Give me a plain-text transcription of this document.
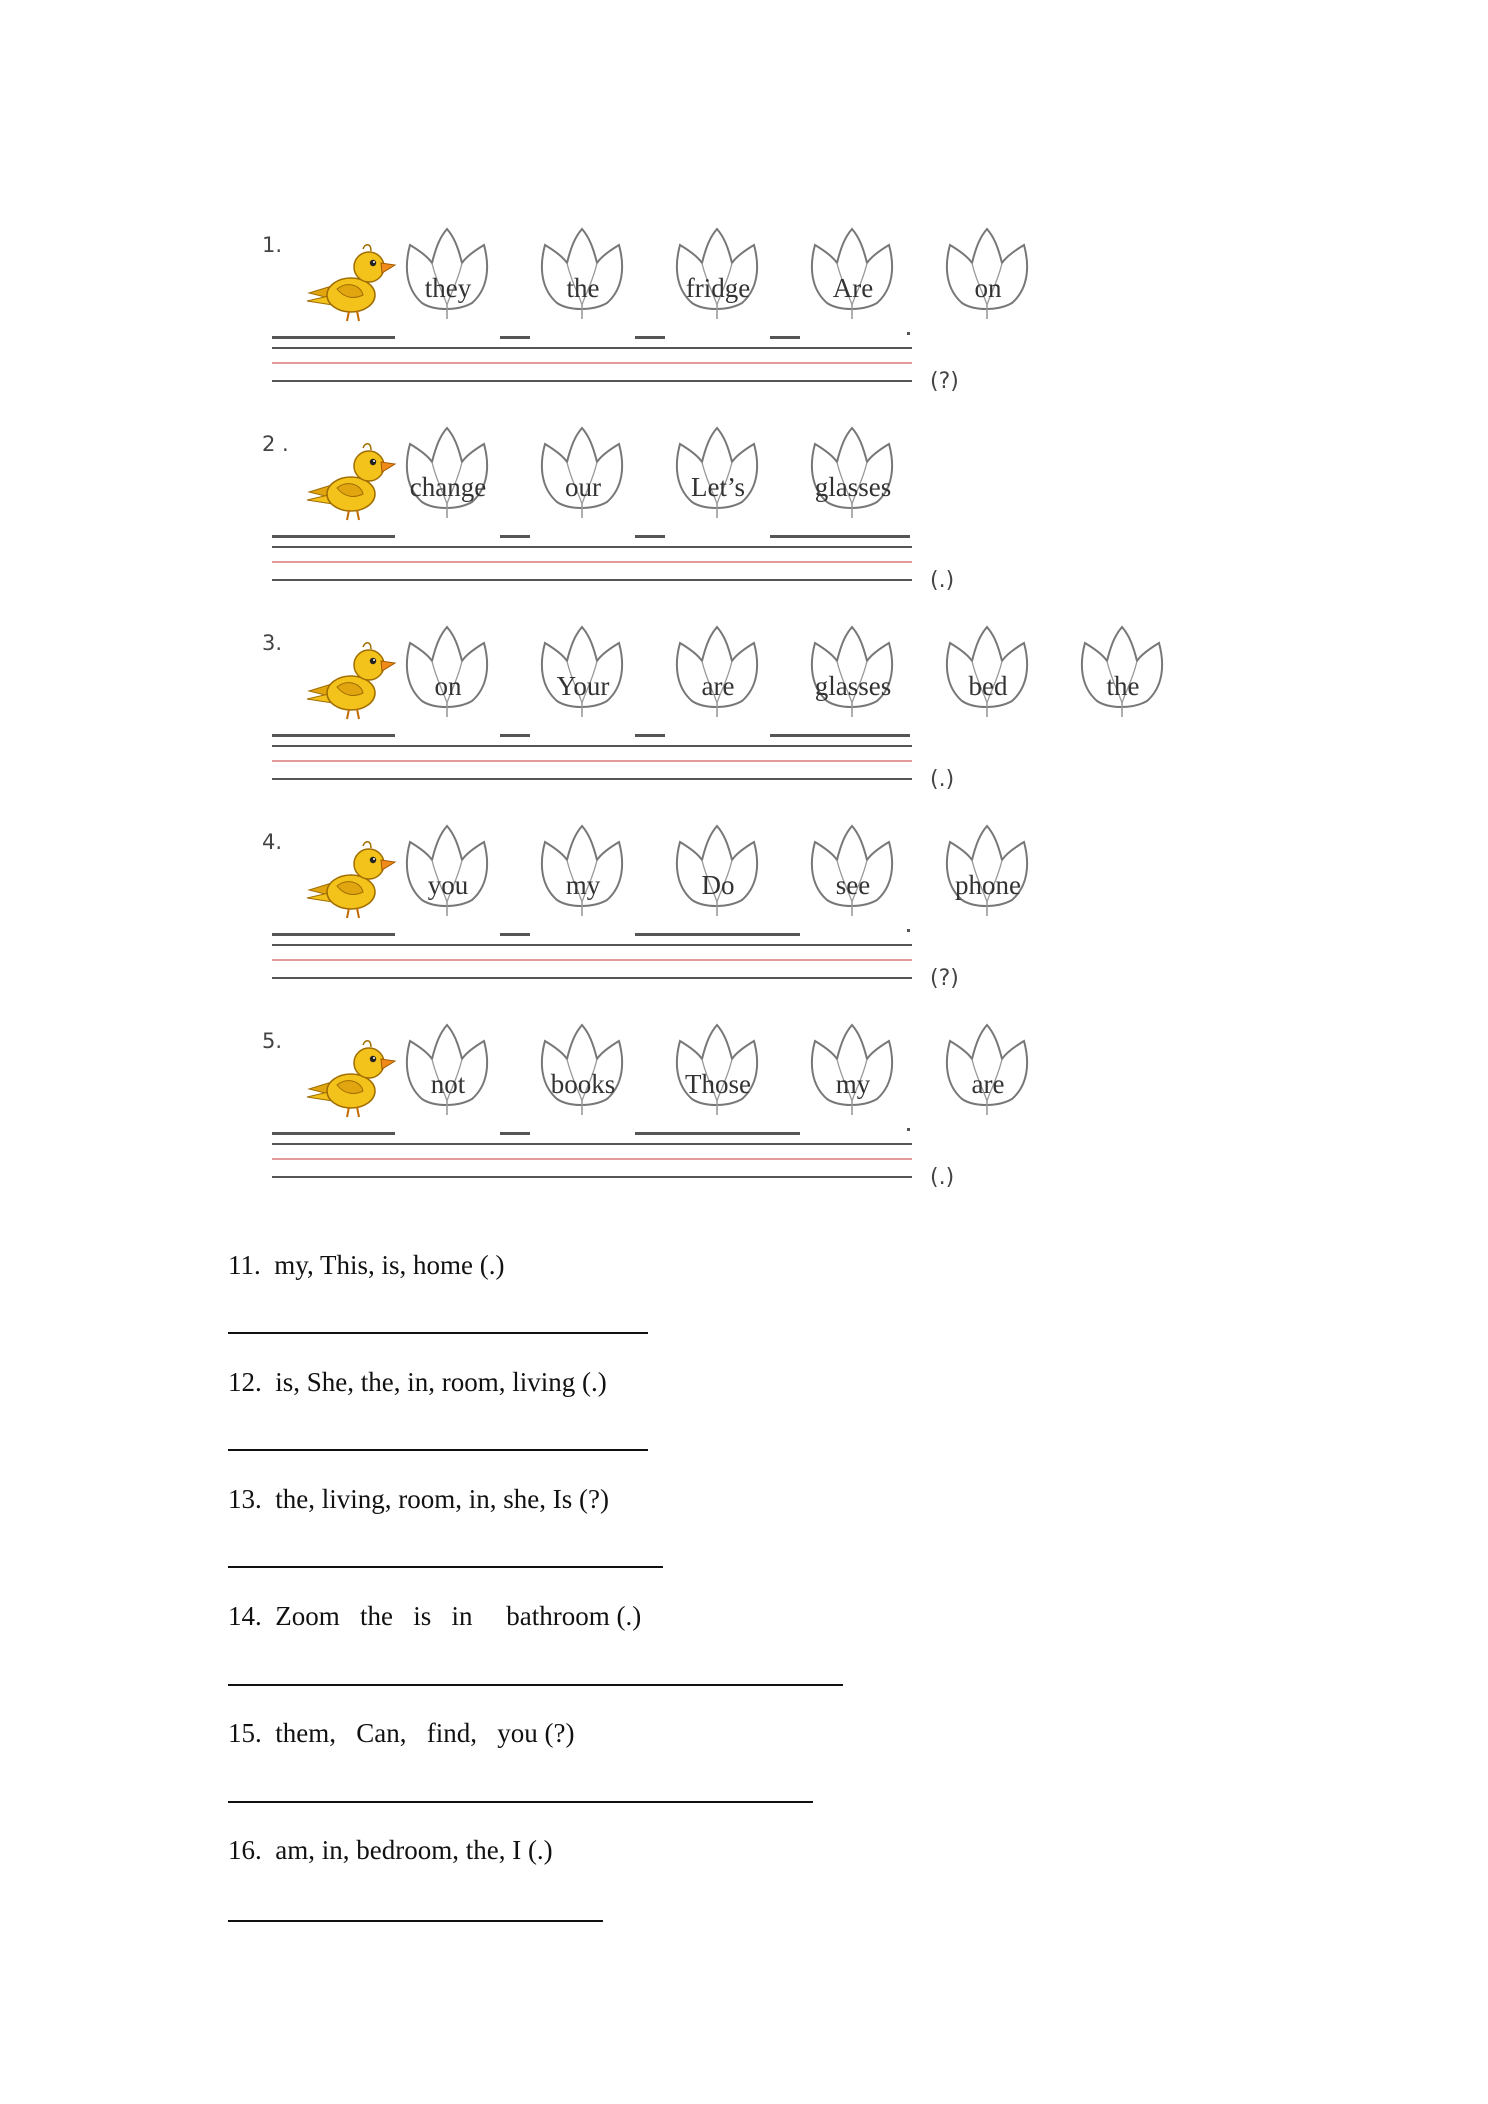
1.
they	the	fridge	Are	on
(?)
2 .
change	our	Let’s	glasses
(.)
3.
on	Your	are	glasses	bed	the
(.)
4.
you	my	Do	see	phone
(?)
5.
not	books	Those	my	are
(.)
11. my, This, is, home (.)
12. is, She, the, in, room, living (.)
13. the, living, room, in, she, Is (?)
14. Zoom   the   is   in     bathroom (.)
15. them,   Can,   find,   you (?)
16. am, in, bedroom, the, I (.)
